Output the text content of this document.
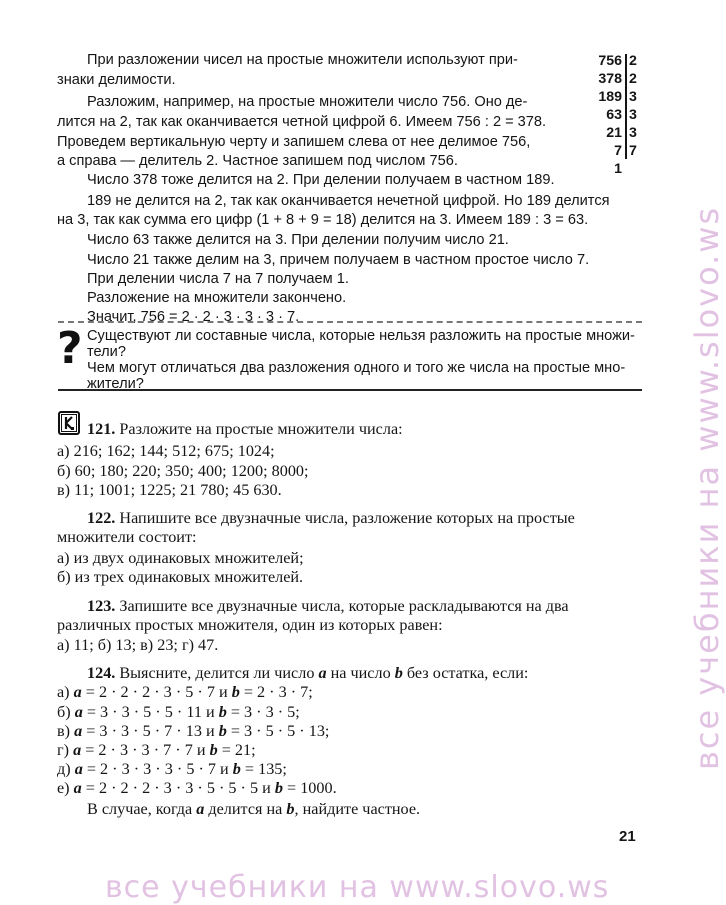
все учебники на www.slovo.ws
При разложении чисел на простые множители используют при-
знаки делимости.
Разложим, например, на простые множители число 756. Оно де-
лится на 2, так как оканчивается четной цифрой 6. Имеем 756 : 2 = 378.
Проведем вертикальную черту и запишем слева от нее делимое 756,
а справа — делитель 2. Частное запишем под числом 756.
Число 378 тоже делится на 2. При делении получаем в частном 189.
189 не делится на 2, так как оканчивается нечетной цифрой. Но 189 делится
на 3, так как сумма его цифр (1 + 8 + 9 = 18) делится на 3. Имеем 189 : 3 = 63.
Число 63 также делится на 3. При делении получим число 21.
Число 21 также делим на 3, причем получаем в частном простое число 7.
При делении числа 7 на 7 получаем 1.
Разложение на множители закончено.
Значит, 756 = 2 · 2 · 3 · 3 · 3 · 7.
756 2
378 2
189 3
63 3
21 3
7 7
1
? Существуют ли составные числа, которые нельзя разложить на простые множи-
тели?
Чем могут отличаться два разложения одного и того же числа на простые мно-
жители?
121. Разложите на простые множители числа:
а) 216; 162; 144; 512; 675; 1024;
б) 60; 180; 220; 350; 400; 1200; 8000;
в) 11; 1001; 1225; 21 780; 45 630.
122. Напишите все двузначные числа, разложение которых на простые
множители состоит:
а) из двух одинаковых множителей;
б) из трех одинаковых множителей.
123. Запишите все двузначные числа, которые раскладываются на два
различных простых множителя, один из которых равен:
а) 11; б) 13; в) 23; г) 47.
124. Выясните, делится ли число a на число b без остатка, если:
а) a = 2 · 2 · 2 · 3 · 5 · 7 и b = 2 · 3 · 7;
б) a = 3 · 3 · 5 · 5 · 11 и b = 3 · 3 · 5;
в) a = 3 · 3 · 5 · 7 · 13 и b = 3 · 5 · 5 · 13;
г) a = 2 · 3 · 3 · 7 · 7 и b = 21;
д) a = 2 · 3 · 3 · 3 · 5 · 7 и b = 135;
е) a = 2 · 2 · 2 · 3 · 3 · 5 · 5 · 5 и b = 1000.
В случае, когда a делится на b, найдите частное.
21
все учебники на www.slovo.ws
